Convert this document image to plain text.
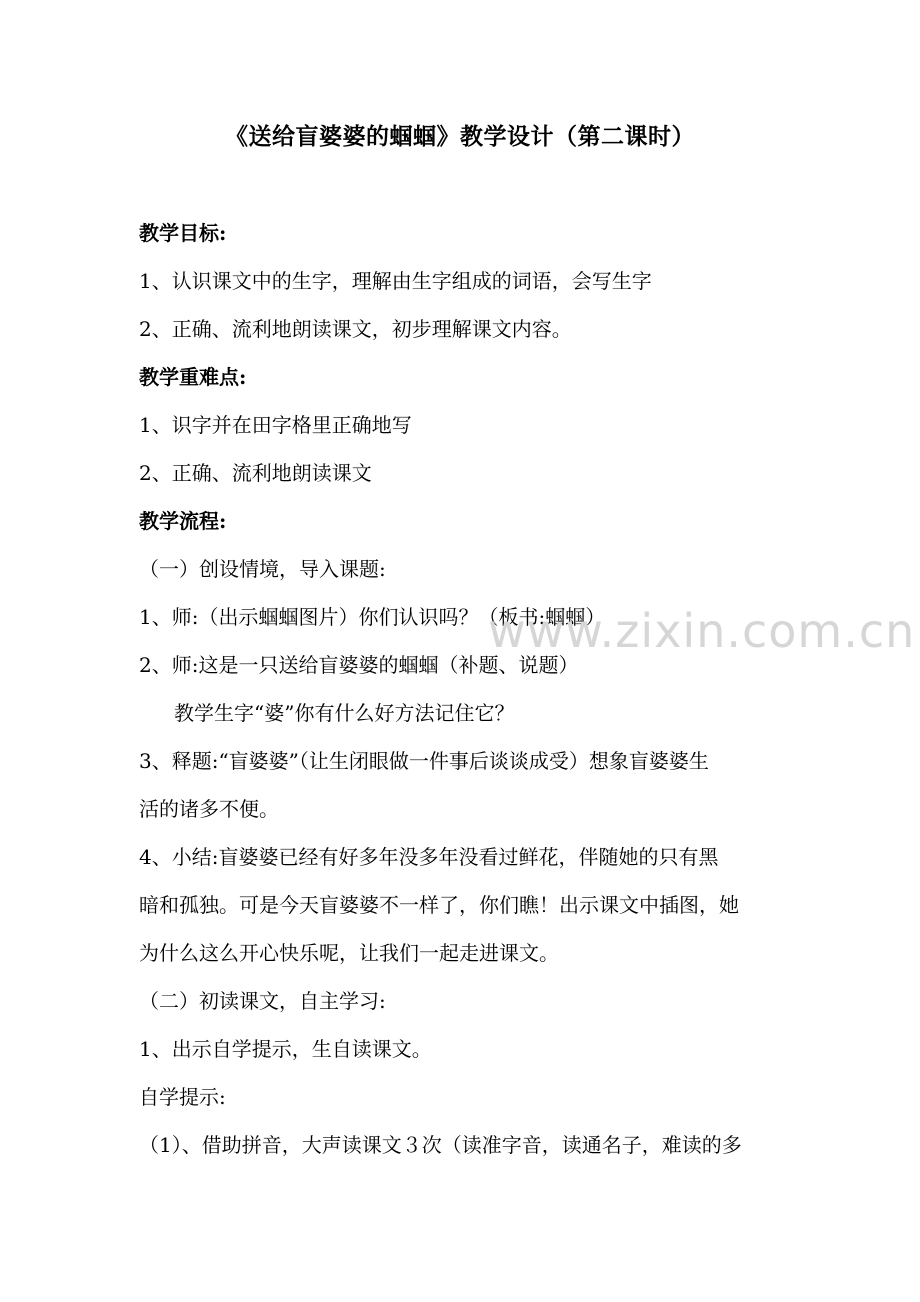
《送给盲婆婆的蝈蝈》教学设计（第二课时）
教学目标:
1、认识课文中的生字，理解由生字组成的词语，会写生字
2、正确、流利地朗读课文，初步理解课文内容。
教学重难点:
1、识字并在田字格里正确地写
2、正确、流利地朗读课文
教学流程:
（一）创设情境，导入课题:
1、师:（出示蝈蝈图片）你们认识吗？（板书:蝈蝈）
2、师:这是一只送给盲婆婆的蝈蝈（补题、说题）
教学生字“婆”你有什么好方法记住它？
3、释题:“盲婆婆”（让生闭眼做一件事后谈谈成受）想象盲婆婆生
活的诸多不便。
4、小结:盲婆婆已经有好多年没多年没看过鲜花，伴随她的只有黑
暗和孤独。可是今天盲婆婆不一样了，你们瞧！出示课文中插图，她
为什么这么开心快乐呢，让我们一起走进课文。
（二）初读课文，自主学习:
1、出示自学提示，生自读课文。
自学提示:
（1）、借助拼音，大声读课文３次（读准字音，读通名子，难读的多
www.zixin.com.cn
